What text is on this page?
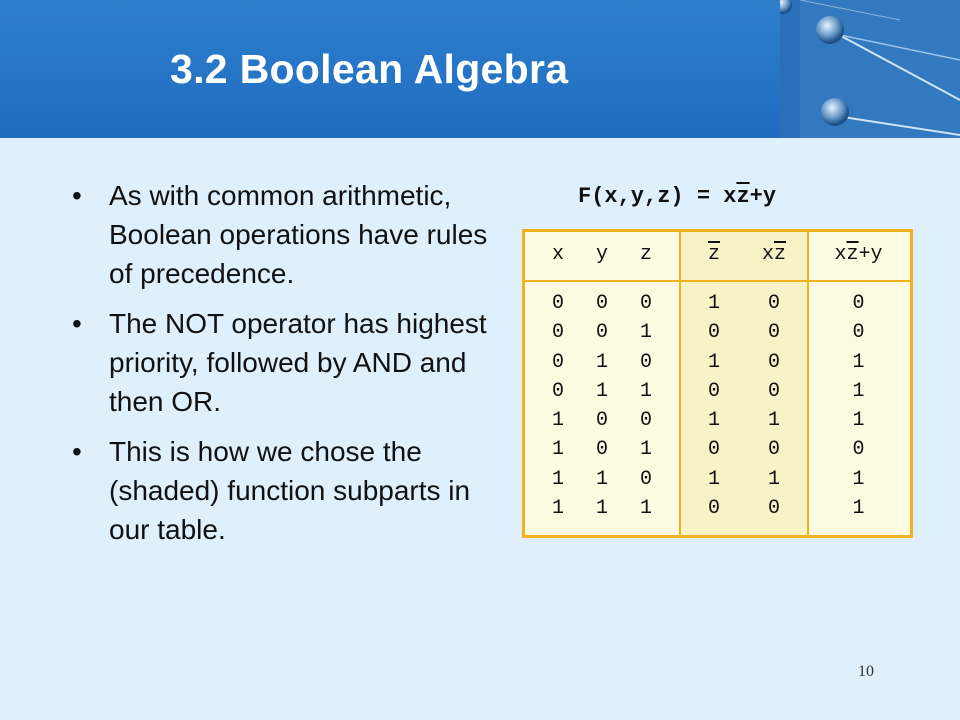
3.2 Boolean Algebra
• As with common arithmetic, Boolean operations have rules of precedence.
• The NOT operator has highest priority, followed by AND and then OR.
• This is how we chose the (shaded) function subparts in our table.
$F(x,y,z) = x\overline{z}+y$
x y z
0 0 0
0 0 1
0 1 0
0 1 1
1 0 0
1 0 1
1 1 0
1 1 1
$\overline{z}$ $x\overline{z}$
1 0
0 0
1 0
0 0
1 1
0 0
1 1
0 0
$x\overline{z}+y$
0
0
1
1
1
0
1
1
10
